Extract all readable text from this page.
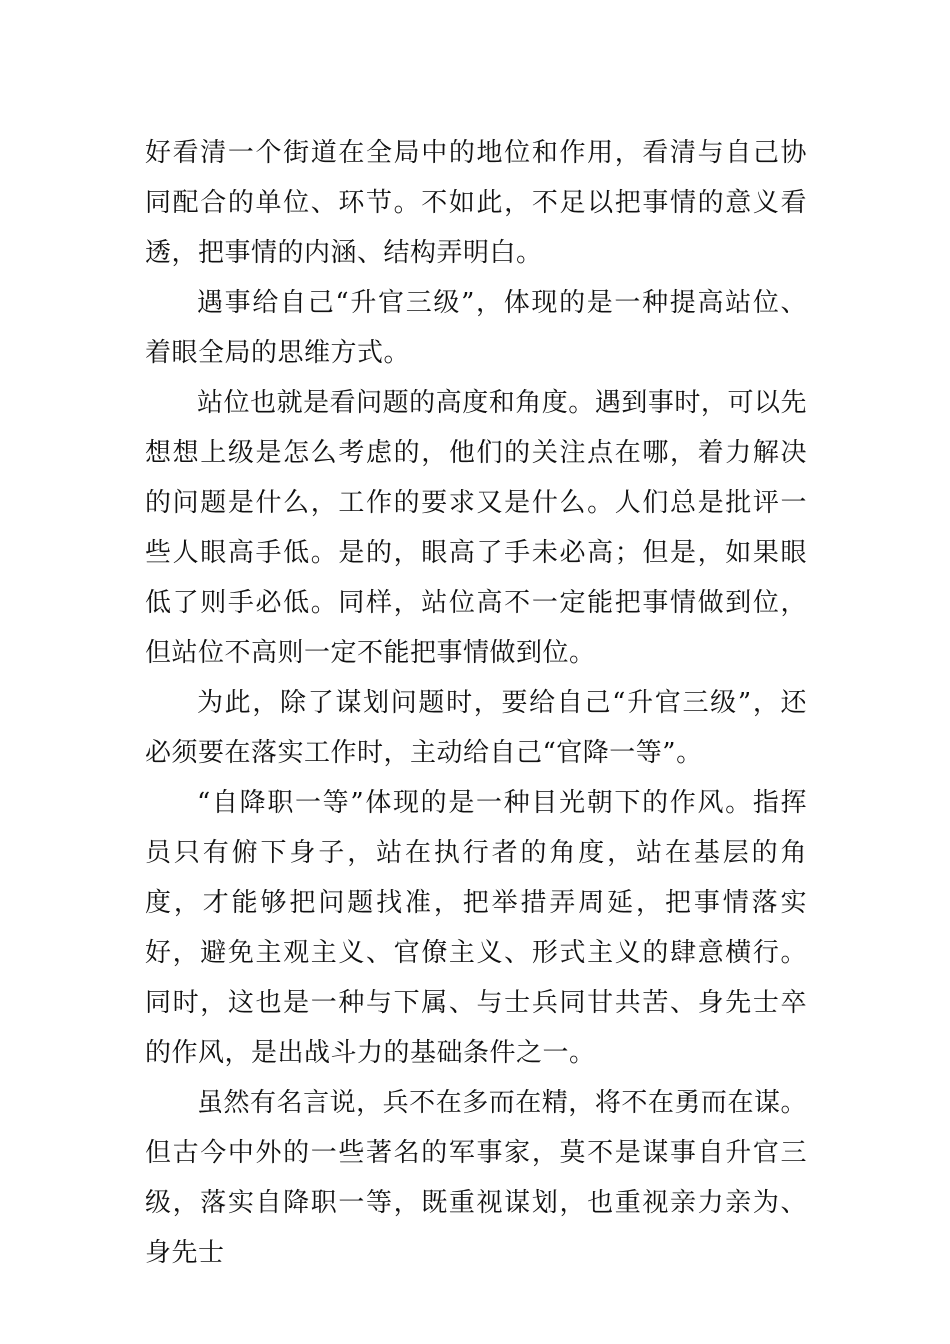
好看清一个街道在全局中的地位和作用，看清与自己协同配合的单位、环节。不如此，不足以把事情的意义看透，把事情的内涵、结构弄明白。

遇事给自己“升官三级”，体现的是一种提高站位、着眼全局的思维方式。

站位也就是看问题的高度和角度。遇到事时，可以先想想上级是怎么考虑的，他们的关注点在哪，着力解决的问题是什么，工作的要求又是什么。人们总是批评一些人眼高手低。是的，眼高了手未必高；但是，如果眼低了则手必低。同样，站位高不一定能把事情做到位，但站位不高则一定不能把事情做到位。

为此，除了谋划问题时，要给自己“升官三级”，还必须要在落实工作时，主动给自己“官降一等”。

“自降职一等”体现的是一种目光朝下的作风。指挥员只有俯下身子，站在执行者的角度，站在基层的角度，才能够把问题找准，把举措弄周延，把事情落实好，避免主观主义、官僚主义、形式主义的肆意横行。同时，这也是一种与下属、与士兵同甘共苦、身先士卒的作风，是出战斗力的基础条件之一。

虽然有名言说，兵不在多而在精，将不在勇而在谋。但古今中外的一些著名的军事家，莫不是谋事自升官三级，落实自降职一等，既重视谋划，也重视亲力亲为、身先士
